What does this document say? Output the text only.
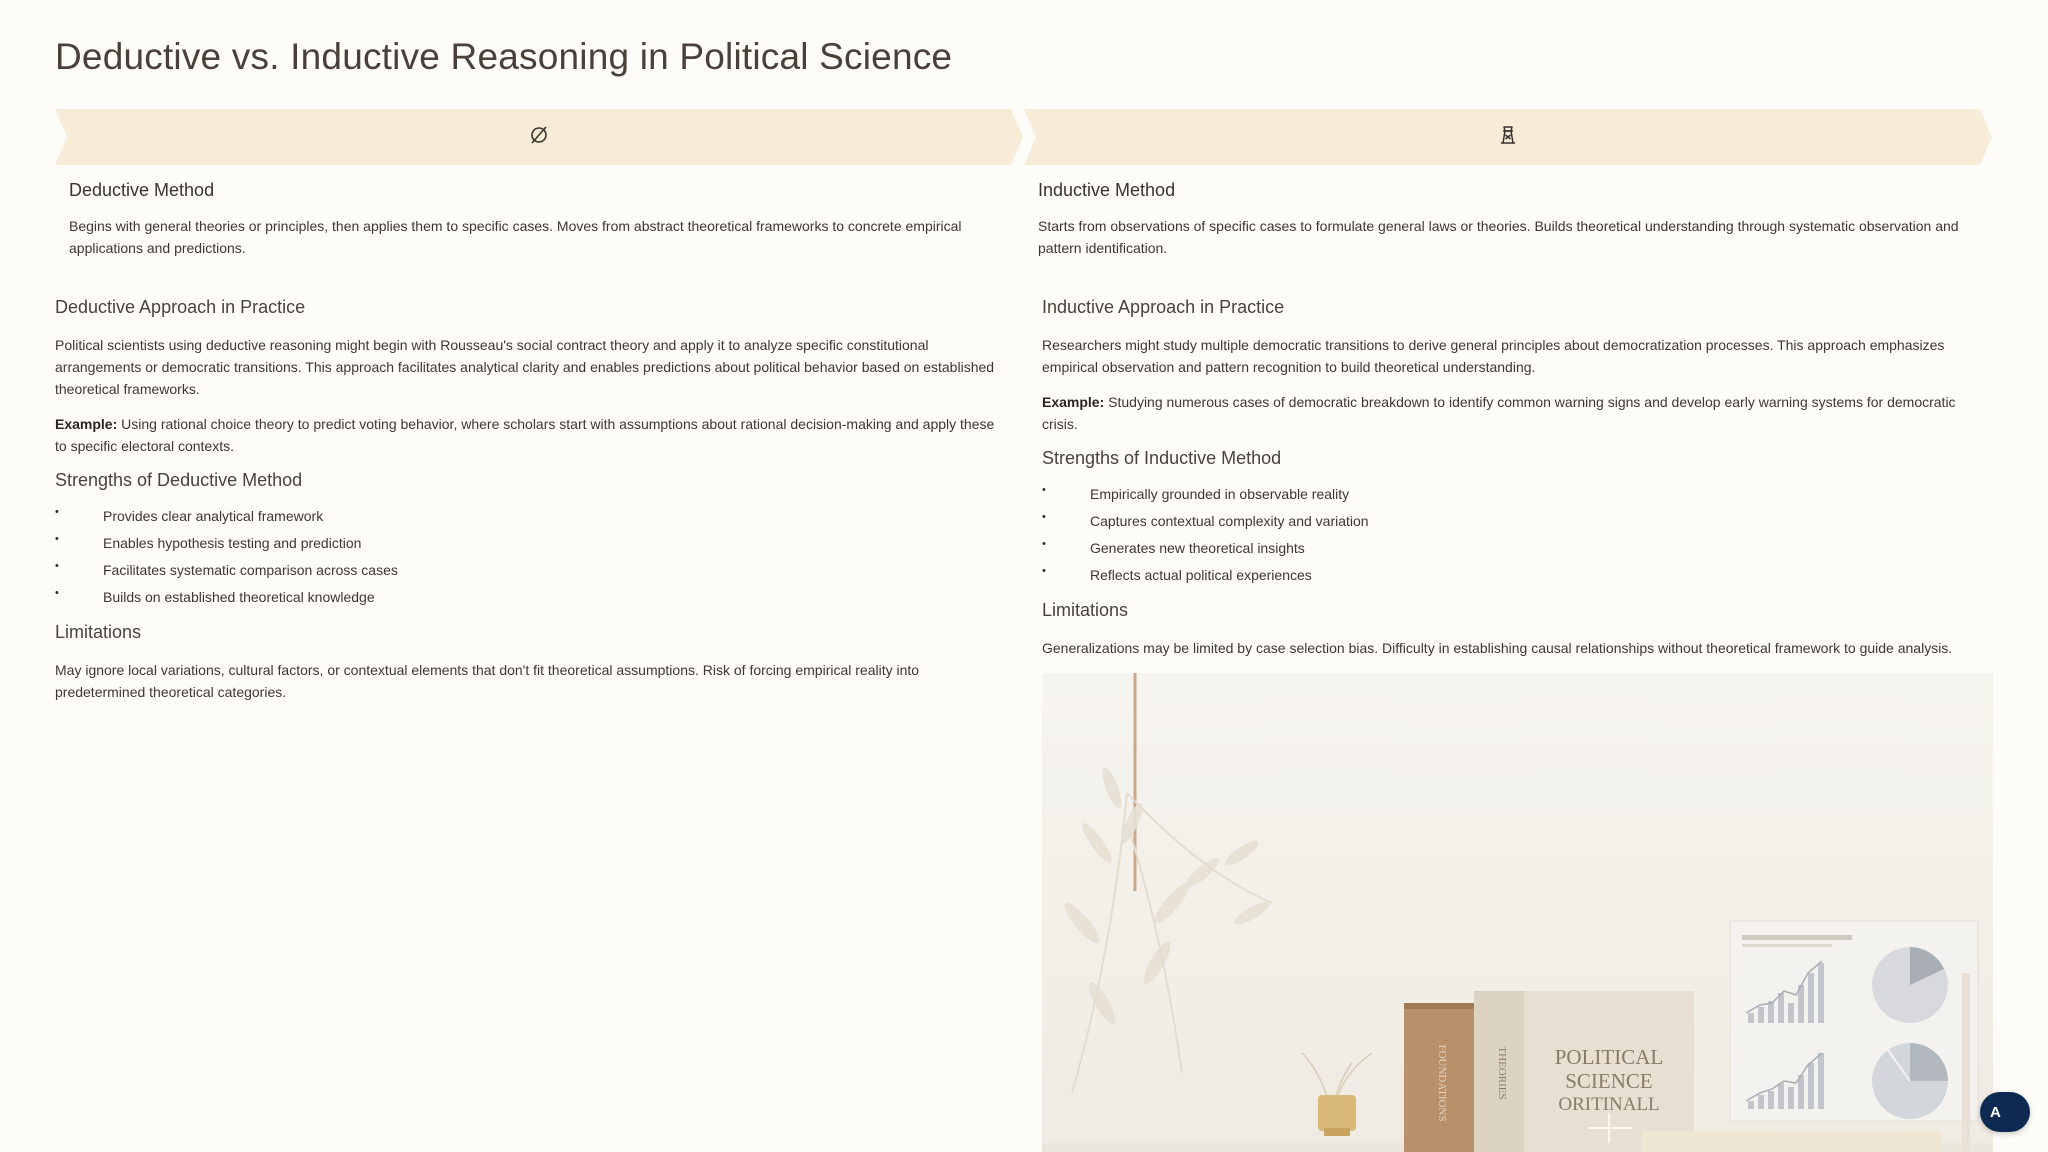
Deductive vs. Inductive Reasoning in Political Science
Deductive Method

Begins with general theories or principles, then applies them to specific cases. Moves from abstract theoretical frameworks to concrete empirical applications and predictions.

Inductive Method

Starts from observations of specific cases to formulate general laws or theories. Builds theoretical understanding through systematic observation and pattern identification.

Deductive Approach in Practice

Political scientists using deductive reasoning might begin with Rousseau's social contract theory and apply it to analyze specific constitutional arrangements or democratic transitions. This approach facilitates analytical clarity and enables predictions about political behavior based on established theoretical frameworks.

Example: Using rational choice theory to predict voting behavior, where scholars start with assumptions about rational decision-making and apply these to specific electoral contexts.

Strengths of Deductive Method
• Provides clear analytical framework
• Enables hypothesis testing and prediction
• Facilitates systematic comparison across cases
• Builds on established theoretical knowledge
Limitations

May ignore local variations, cultural factors, or contextual elements that don't fit theoretical assumptions. Risk of forcing empirical reality into predetermined theoretical categories.

Inductive Approach in Practice

Researchers might study multiple democratic transitions to derive general principles about democratization processes. This approach emphasizes empirical observation and pattern recognition to build theoretical understanding.

Example: Studying numerous cases of democratic breakdown to identify common warning signs and develop early warning systems for democratic crisis.

Strengths of Inductive Method
• Empirically grounded in observable reality
• Captures contextual complexity and variation
• Generates new theoretical insights
• Reflects actual political experiences
Limitations

Generalizations may be limited by case selection bias. Difficulty in establishing causal relationships without theoretical framework to guide analysis.

FOUNDATIONS	THEORIES POLITICAL
SCIENCE
ORITINALL	A
